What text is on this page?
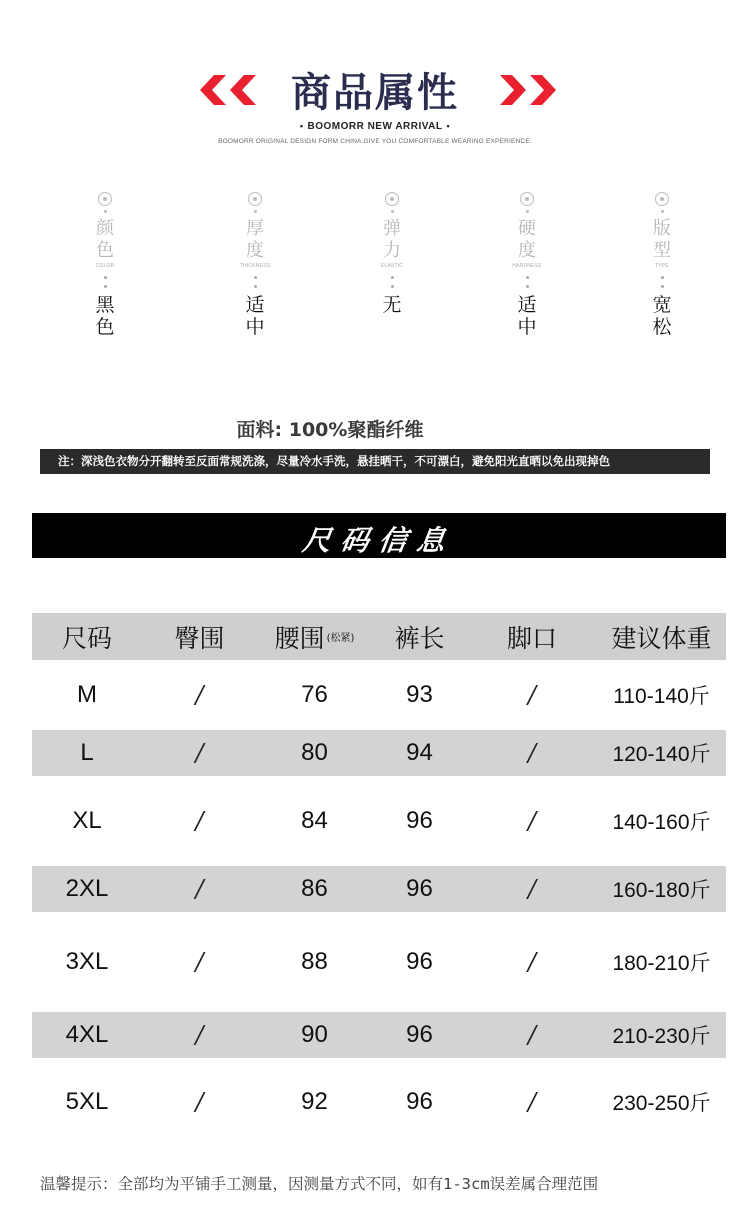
商品属性
• BOOMORR NEW ARRIVAL •
BOOMORR ORIGINAL DESIGN FORM CHINA.GIVE YOU COMFORTABLE WEARING EXPERIENCE.
颜色
COLOR
黑色
厚度
THICKNESS
适中
弹力
ELASTIC
无
硬度
HARDNESS
适中
版型
TYPE
宽松
面料: 100%聚酯纤维
注：深浅色衣物分开翻转至反面常规洗涤，尽量冷水手洗，悬挂晒干，不可漂白，避免阳光直晒以免出现掉色
尺码信息
尺码	臀围	腰围 (松紧)	裤长	脚口	建议体重
M	/	76	93	/	110-140斤
L	/	80	94	/	120-140斤
XL	/	84	96	/	140-160斤
2XL	/	86	96	/	160-180斤
3XL	/	88	96	/	180-210斤
4XL	/	90	96	/	210-230斤
5XL	/	92	96	/	230-250斤
温馨提示：全部均为平铺手工测量，因测量方式不同，如有1-3cm误差属合理范围
